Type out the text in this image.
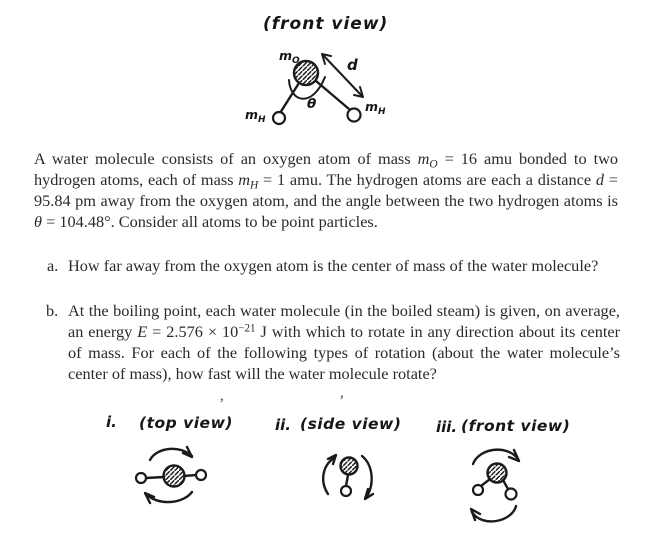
(front view)
$m_O$
$m_H$
$m_H$
θ
d

A water molecule consists of an oxygen atom of mass $m_O = 16$ amu bonded to two hydrogen atoms, each of mass $m_H = 1$ amu. The hydrogen atoms are each a distance d = 95.84 pm away from the oxygen atom, and the angle between the two hydrogen atoms is θ = 104.48°. Consider all atoms to be point particles.

a. How far away from the oxygen atom is the center of mass of the water molecule?
b. At the boiling point, each water molecule (in the boiled steam) is given, on average, an energy $E = 2.576 \times 10^{-21}$ J with which to rotate in any direction about its center of mass. For each of the following types of rotation (about the water molecule’s center of mass), how fast will the water molecule rotate?
,	,
i. (top view)	ii. (side view) iii. (front view)
